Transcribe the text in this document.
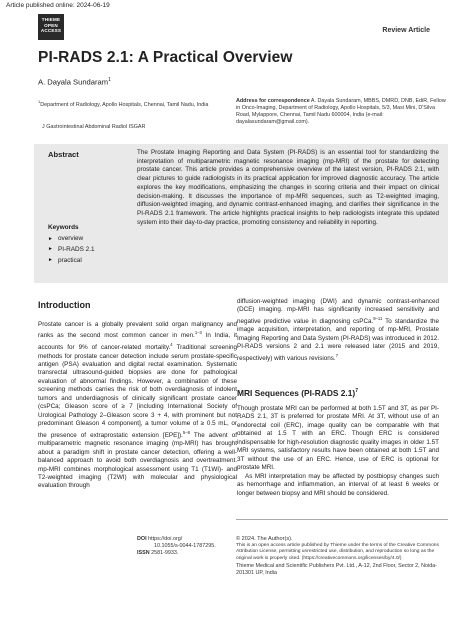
Article published online: 2024-06-19
THIEME
OPEN
ACCESS	Review Article
PI-RADS 2.1: A Practical Overview
A. Dayala Sundaram$^1$
$^1$Department of Radiology, Apollo Hospitals, Chennai, Tamil Nadu, India
J Gastrointestinal Abdominal Radiol ISGAR
Address for correspondence A. Dayala Sundaram, MBBS, DMRD, DNB, EdiR, Fellow in Onco-Imaging, Department of Radiology, Apollo Hospitals, 5/3, Masi Mini, D'Silva Road, Mylappore, Chennai, Tamil Nadu 600004, India (e-mail: dayalasundaram@gmail.com).
Abstract	The Prostate Imaging Reporting and Data System (PI-RADS) is an essential tool for standardizing the interpretation of multiparametric magnetic resonance imaging (mp-MRI) of the prostate for detecting prostate cancer. This article provides a comprehensive overview of the latest version, PI-RADS 2.1, with clear pictures to guide radiologists in its practical application for improved diagnostic accuracy. The article explores the key modifications, emphasizing the changes in scoring criteria and their impact on clinical decision-making. It discusses the importance of mp-MRI sequences, such as T2-weighted imaging, diffusion-weighted imaging, and dynamic contrast-enhanced imaging, and clarifies their significance in the PI-RADS 2.1 framework. The article highlights practical insights to help radiologists integrate this updated system into their day-to-day practice, promoting consistency and reliability in reporting.
Keywords
► overview
► PI-RADS 2.1
► practical
Introduction
Prostate cancer is a globally prevalent solid organ malignancy and ranks as the second most common cancer in men.$^{1-3}$ In India, it accounts for 9% of cancer-related mortality.$^4$ Traditional screening methods for prostate cancer detection include serum prostate-specific antigen (PSA) evaluation and digital rectal examination. Systematic transrectal ultrasound-guided biopsies are done for pathological evaluation of abnormal findings. However, a combination of these screening methods carries the risk of both overdiagnosis of indolent tumors and underdiagnosis of clinically significant prostate cancer (csPCa; Gleason score of ≥ 7 [including International Society of Urological Pathology 2–Gleason score 3 + 4, with prominent but not predominant Gleason 4 component], a tumor volume of ≥ 0.5 mL, or the presence of extraprostatic extension [EPE]).$^{5-8}$ The advent of multiparametric magnetic resonance imaging (mp-MRI) has brought about a paradigm shift in prostate cancer detection, offering a well-balanced approach to avoid both overdiagnosis and overtreatment. mp-MRI combines morphological assessment using T1 (T1WI)- and T2-weighted imaging (T2WI) with molecular and physiological evaluation through
diffusion-weighted imaging (DWI) and dynamic contrast-enhanced (DCE) imaging. mp-MRI has significantly increased sensitivity and negative predictive value in diagnosing csPCa.$^{9-11}$ To standardize the image acquisition, interpretation, and reporting of mp-MRI, Prostate Imaging Reporting and Data System (PI-RADS) was introduced in 2012. PI-RADS versions 2 and 2.1 were released later (2015 and 2019, respectively) with various revisions.$^7$
MRI Sequences (PI-RADS 2.1)$^7$

Though prostate MRI can be performed at both 1.5T and 3T, as per PI-RADS 2.1, 3T is preferred for prostate MRI. At 3T, without use of an endorectal coil (ERC), image quality can be comparable with that obtained at 1.5 T with an ERC. Though ERC is considered indispensable for high-resolution diagnostic quality images in older 1.5T MRI systems, satisfactory results have been obtained at both 1.5T and 3T without the use of an ERC. Hence, use of ERC is optional for prostate MRI.

As MRI interpretation may be affected by postbiopsy changes such as hemorrhage and inflammation, an interval of at least 6 weeks or longer between biopsy and MRI should be considered.

DOI https://doi.org/
10.1055/s-0044-1787295.
ISSN 2581-9933.
© 2024. The Author(s).
This is an open access article published by Thieme under the terms of the Creative Commons Attribution License, permitting unrestricted use, distribution, and reproduction so long as the original work is properly cited. (https://creativecommons.org/licenses/by/4.0/)
Thieme Medical and Scientific Publishers Pvt. Ltd., A-12, 2nd Floor, Sector 2, Noida-201301 UP, India
